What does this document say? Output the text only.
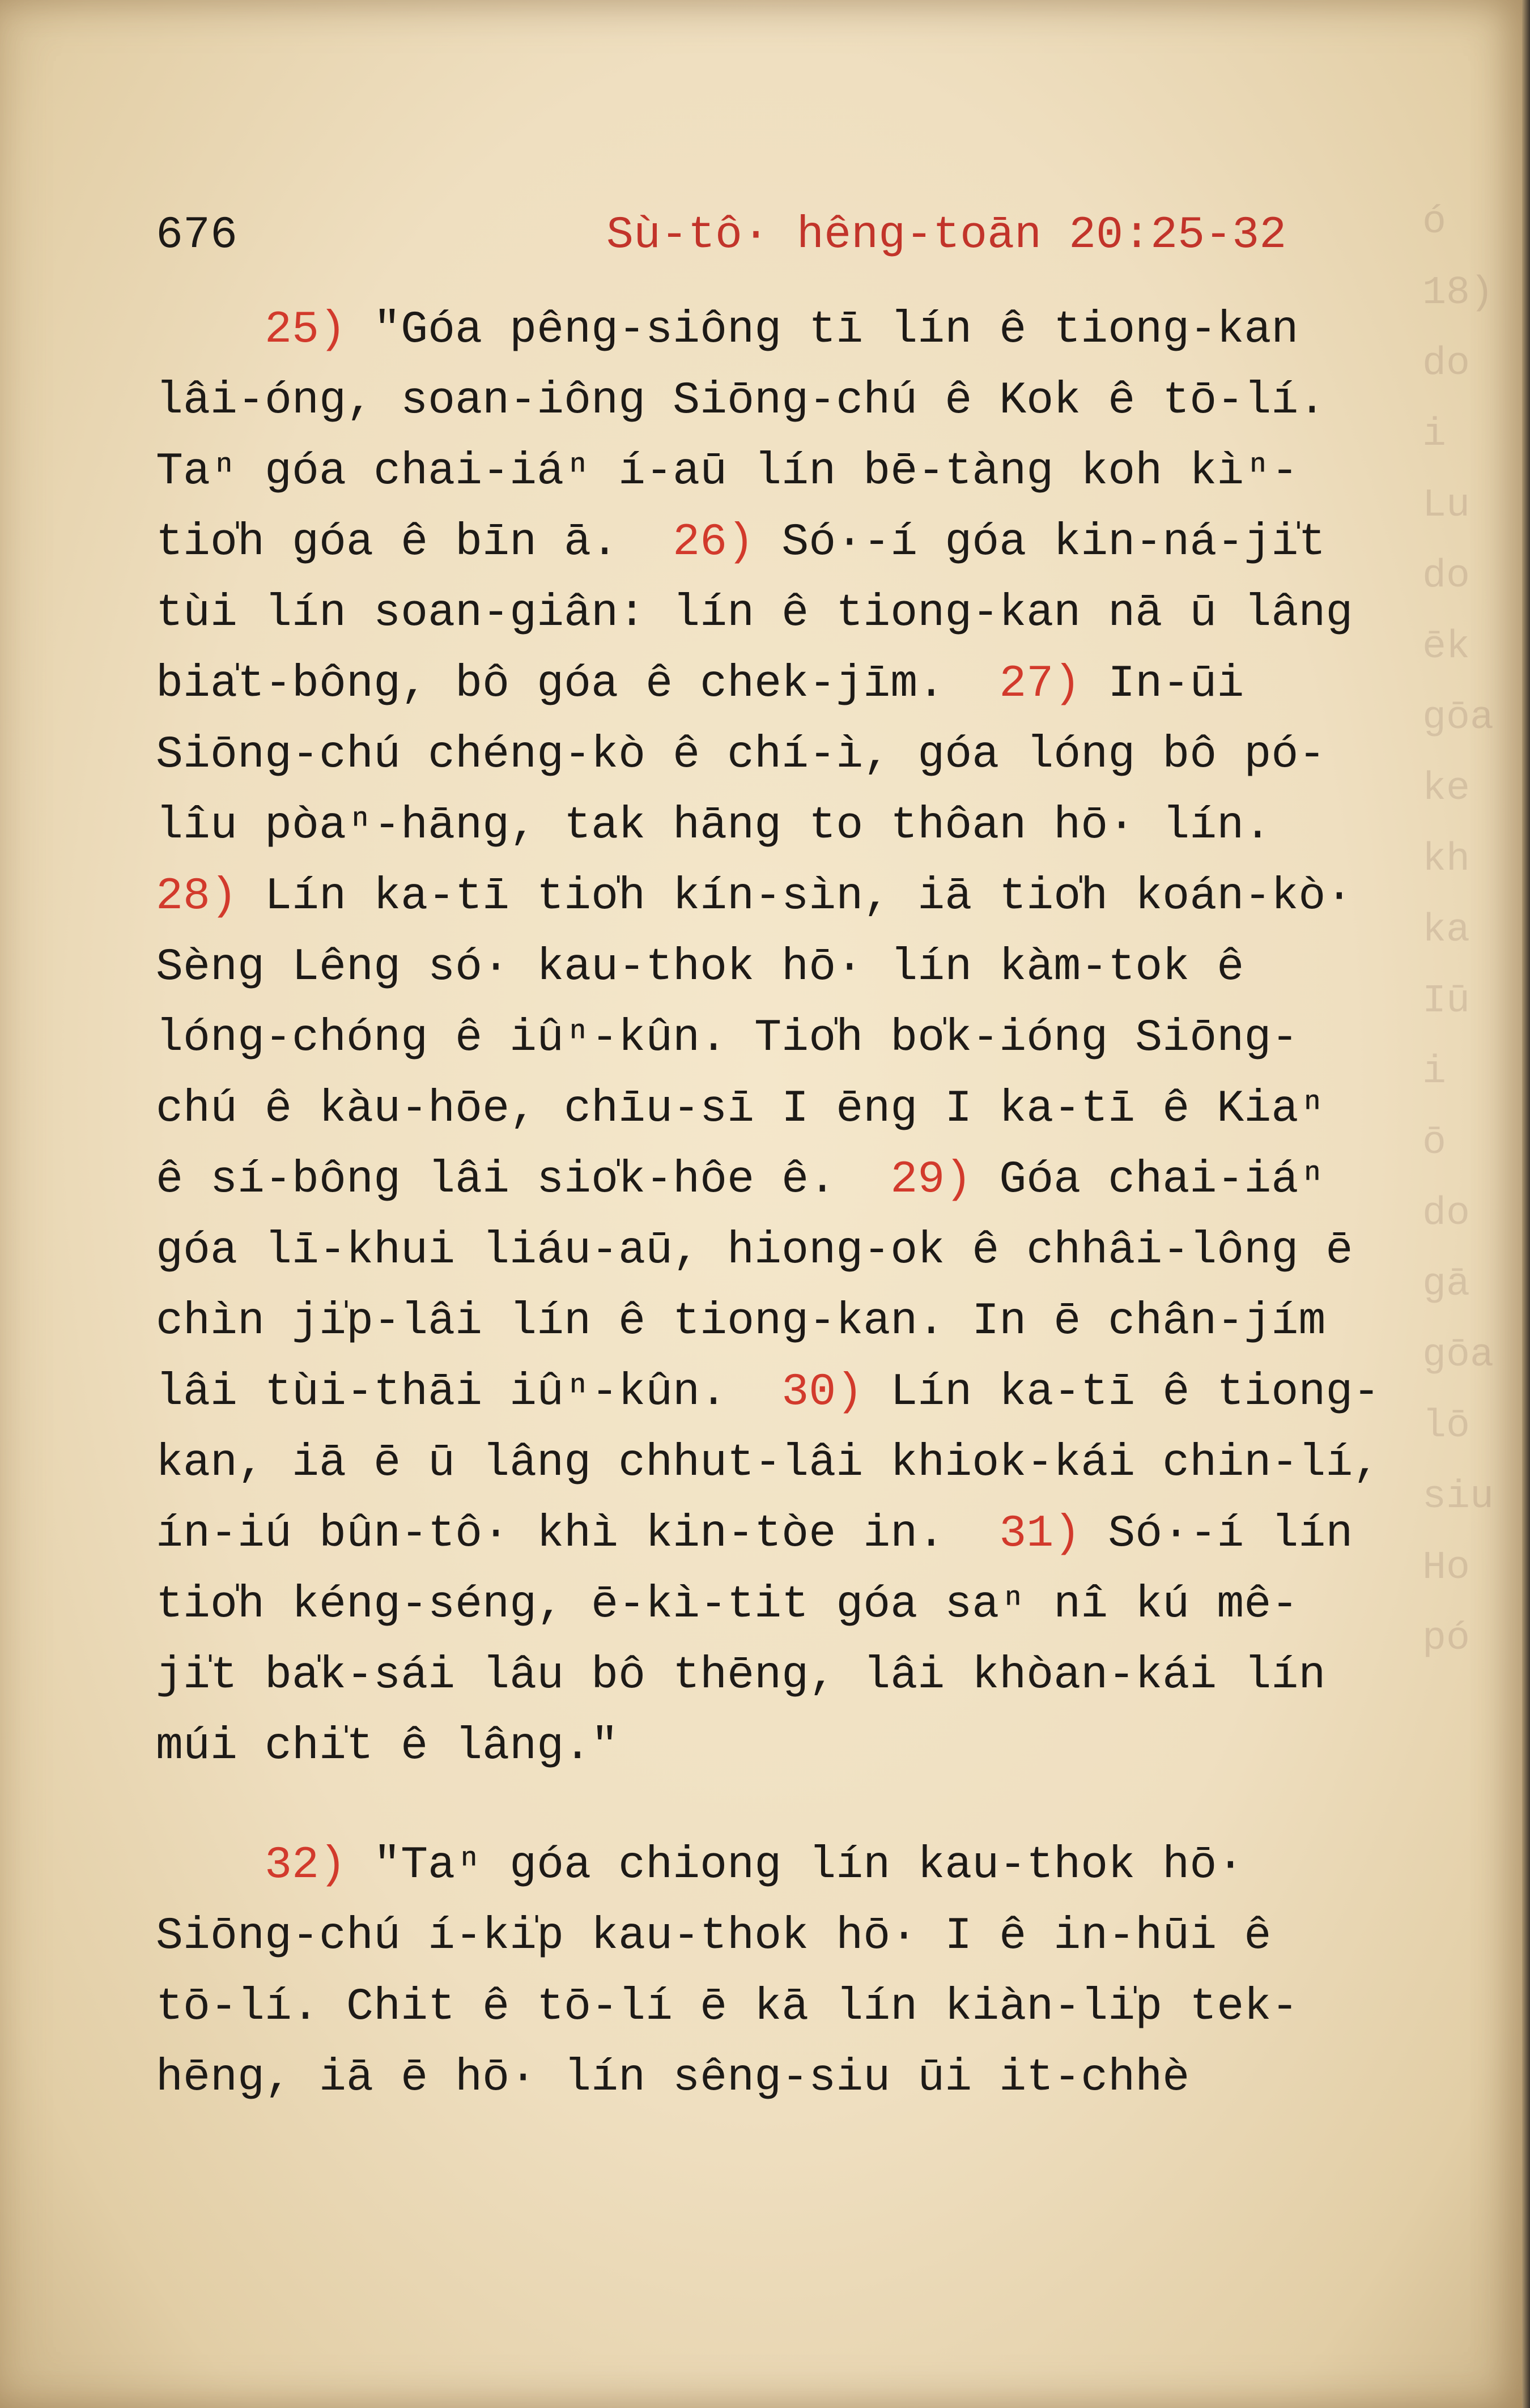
ó
18)
do
i
Lu
do
ēk
gōa
ke
kh
ka
Iū
i
ō
do
gā
gōa
lō
siu
Ho
pó

676

	Sù-tô· hêng-toān 20:25-32

25) "Góa pêng-siông tī lín ê tiong-kan
lâi-óng, soan-iông Siōng-chú ê Kok ê tō-lí.
Taⁿ góa chai-iáⁿ í-aū lín bē-tàng koh kìⁿ-
tio̍h góa ê bīn ā. 26) Só·-í góa kin-ná-ji̍t
tùi lín soan-giân: lín ê tiong-kan nā ū lâng
bia̍t-bông, bô góa ê chek-jīm. 27) In-ūi
Siōng-chú chéng-kò ê chí-ì, góa lóng bô pó-
lîu pòaⁿ-hāng, tak hāng to thôan hō· lín.
28) Lín ka-tī tio̍h kín-sìn, iā tio̍h koán-kò·
Sèng Lêng só· kau-thok hō· lín kàm-tok ê
lóng-chóng ê iûⁿ-kûn. Tio̍h bo̍k-ióng Siōng-
chú ê kàu-hōe, chīu-sī I ēng I ka-tī ê Kiaⁿ
ê sí-bông lâi sio̍k-hôe ê. 29) Góa chai-iáⁿ
góa lī-khui liáu-aū, hiong-ok ê chhâi-lông ē
chìn ji̍p-lâi lín ê tiong-kan. In ē chân-jím
lâi tùi-thāi iûⁿ-kûn. 30) Lín ka-tī ê tiong-
kan, iā ē ū lâng chhut-lâi khiok-kái chin-lí,
ín-iú bûn-tô· khì kin-tòe in. 31) Só·-í lín
tio̍h kéng-séng, ē-kì-tit góa saⁿ nî kú mê-
ji̍t ba̍k-sái lâu bô thēng, lâi khòan-kái lín
múi chi̍t ê lâng."
32) "Taⁿ góa chiong lín kau-thok hō·
Siōng-chú í-ki̍p kau-thok hō· I ê in-hūi ê
tō-lí. Chit ê tō-lí ē kā lín kiàn-li̍p tek-
hēng, iā ē hō· lín sêng-siu ūi it-chhè
